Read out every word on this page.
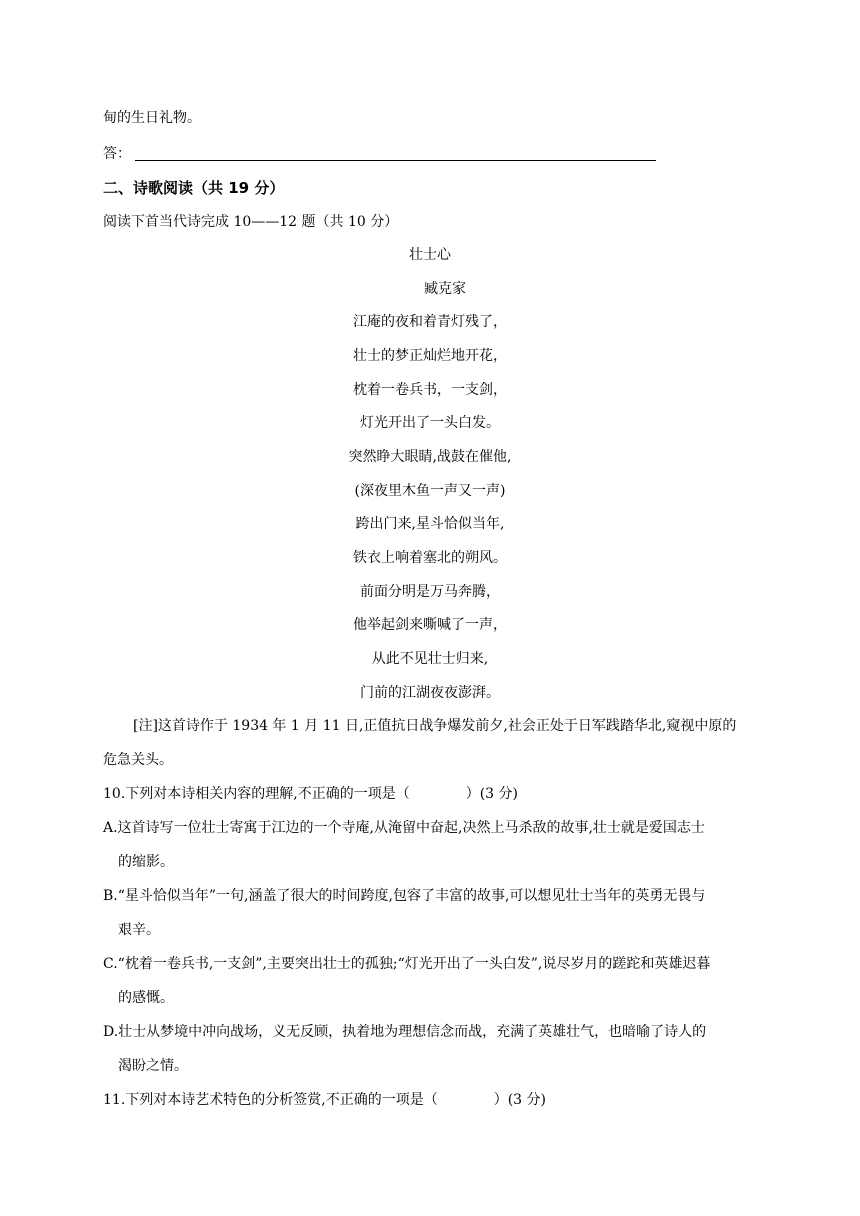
甸的生日礼物。
答：
二、诗歌阅读（共 19 分）
阅读下首当代诗完成 10——12 题（共 10 分）
壮士心
臧克家
江庵的夜和着青灯残了，
壮士的梦正灿烂地开花，
枕着一卷兵书，一支剑，
灯光开出了一头白发。
突然睁大眼睛,战鼓在催他,
(深夜里木鱼一声又一声)
跨出门来,星斗恰似当年,
铁衣上响着塞北的朔风。
前面分明是万马奔腾，
他举起剑来嘶喊了一声，
从此不见壮士归来,
门前的江湖夜夜澎湃。
[注]这首诗作于 1934 年 1 月 11 日,正值抗日战争爆发前夕,社会正处于日军践踏华北,窥视中原的
危急关头。
10.下列对本诗相关内容的理解,不正确的一项是（　　　　）(3 分)
A.这首诗写一位壮士寄寓于江边的一个寺庵,从淹留中奋起,决然上马杀敌的故事,壮士就是爱国志士
的缩影。
B.“星斗恰似当年”一句,涵盖了很大的时间跨度,包容了丰富的故事,可以想见壮士当年的英勇无畏与
艰辛。
C.“枕着一卷兵书,一支剑”,主要突出壮士的孤独;“灯光开出了一头白发”,说尽岁月的蹉跎和英雄迟暮
的感慨。
D.壮士从梦境中冲向战场，义无反顾，执着地为理想信念而战，充满了英雄壮气，也暗喻了诗人的
渴盼之情。
11.下列对本诗艺术特色的分析签赏,不正确的一项是（　　　　）(3 分)
